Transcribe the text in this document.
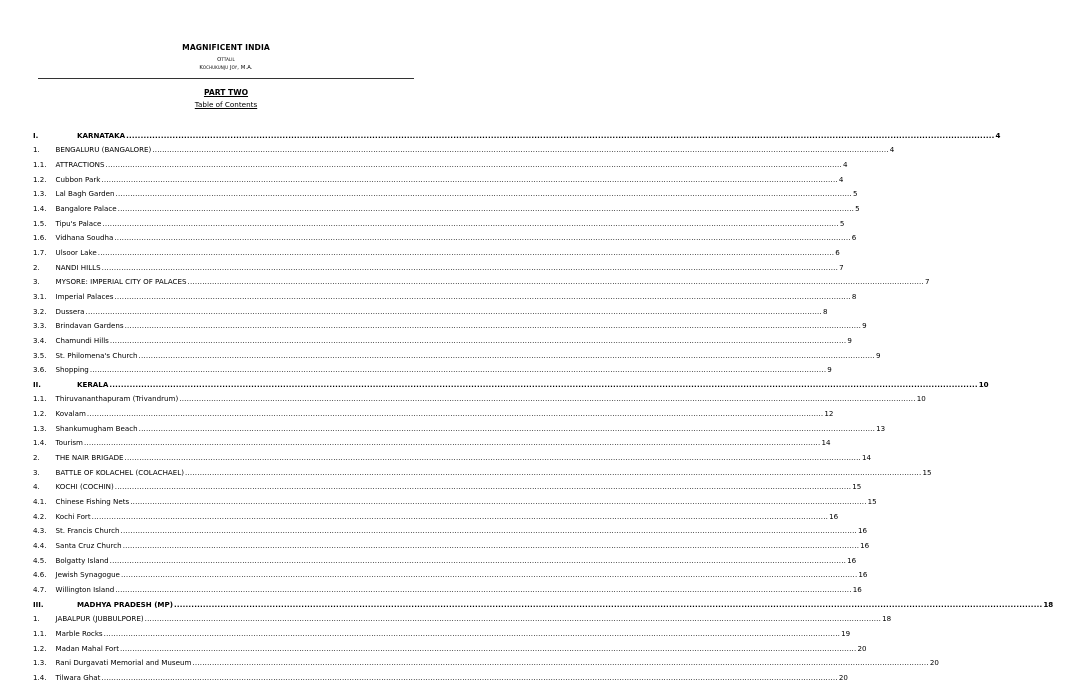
MAGNIFICENT INDIA
Ottalil
Kochukunju Joy, M.A.
PART TWO
Table of Contents
I.	KARNATAKA ............................................................................................................................................................................................................................................................................................................ 4
1.	BENGALURU (BANGALORE) ............................................................................................................................................................................................................................................................................................................ 4
1.1.	ATTRACTIONS ............................................................................................................................................................................................................................................................................................................ 4
1.2.	Cubbon Park ............................................................................................................................................................................................................................................................................................................ 4
1.3.	Lal Bagh Garden ............................................................................................................................................................................................................................................................................................................ 5
1.4.	Bangalore Palace ............................................................................................................................................................................................................................................................................................................ 5
1.5.	Tipu's Palace ............................................................................................................................................................................................................................................................................................................ 5
1.6.	Vidhana Soudha ............................................................................................................................................................................................................................................................................................................ 6
1.7.	Ulsoor Lake ............................................................................................................................................................................................................................................................................................................ 6
2.	NANDI HILLS ............................................................................................................................................................................................................................................................................................................ 7
3.	MYSORE: IMPERIAL CITY OF PALACES ............................................................................................................................................................................................................................................................................................................ 7
3.1.	Imperial Palaces ............................................................................................................................................................................................................................................................................................................ 8
3.2.	Dussera ............................................................................................................................................................................................................................................................................................................ 8
3.3.	Brindavan Gardens ............................................................................................................................................................................................................................................................................................................ 9
3.4.	Chamundi Hills ............................................................................................................................................................................................................................................................................................................ 9
3.5.	St. Philomena's Church ............................................................................................................................................................................................................................................................................................................ 9
3.6.	Shopping ............................................................................................................................................................................................................................................................................................................ 9
II.	KERALA ............................................................................................................................................................................................................................................................................................................ 10
1.1.	Thiruvananthapuram (Trivandrum) ............................................................................................................................................................................................................................................................................................................ 10
1.2.	Kovalam ............................................................................................................................................................................................................................................................................................................ 12
1.3.	Shankumugham Beach ............................................................................................................................................................................................................................................................................................................ 13
1.4.	Tourism ............................................................................................................................................................................................................................................................................................................ 14
2.	THE NAIR BRIGADE ............................................................................................................................................................................................................................................................................................................ 14
3.	BATTLE OF KOLACHEL (COLACHAEL) ............................................................................................................................................................................................................................................................................................................ 15
4.	KOCHI (COCHIN) ............................................................................................................................................................................................................................................................................................................ 15
4.1.	Chinese Fishing Nets ............................................................................................................................................................................................................................................................................................................ 15
4.2.	Kochi Fort ............................................................................................................................................................................................................................................................................................................ 16
4.3.	St. Francis Church ............................................................................................................................................................................................................................................................................................................ 16
4.4.	Santa Cruz Church ............................................................................................................................................................................................................................................................................................................ 16
4.5.	Bolgatty Island ............................................................................................................................................................................................................................................................................................................ 16
4.6.	Jewish Synagogue ............................................................................................................................................................................................................................................................................................................ 16
4.7.	Willington Island ............................................................................................................................................................................................................................................................................................................ 16
III.	MADHYA PRADESH (MP) ............................................................................................................................................................................................................................................................................................................ 18
1.	JABALPUR (JUBBULPORE) ............................................................................................................................................................................................................................................................................................................ 18
1.1.	Marble Rocks ............................................................................................................................................................................................................................................................................................................ 19
1.2.	Madan Mahal Fort ............................................................................................................................................................................................................................................................................................................ 20
1.3.	Rani Durgavati Memorial and Museum ............................................................................................................................................................................................................................................................................................................ 20
1.4.	Tilwara Ghat ............................................................................................................................................................................................................................................................................................................ 20
